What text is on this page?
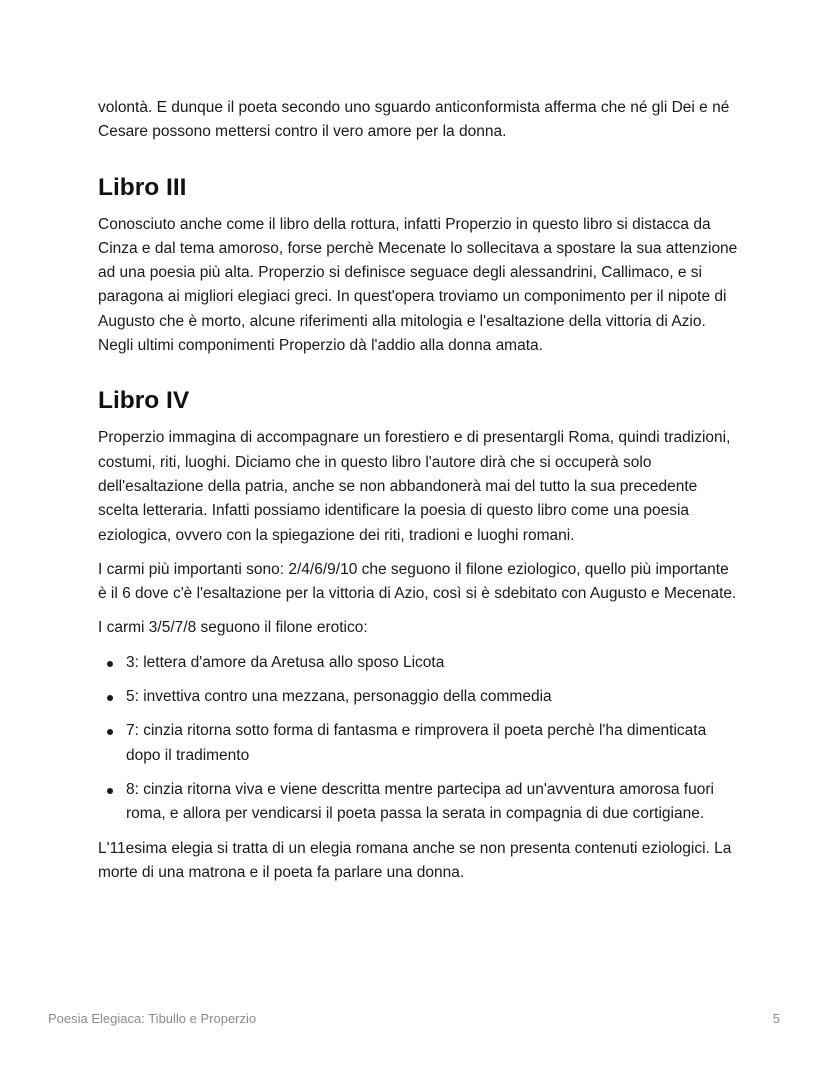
volontà. E dunque il poeta secondo uno sguardo anticonformista afferma che né gli Dei e né Cesare possono mettersi contro il vero amore per la donna.

Libro III

Conosciuto anche come il libro della rottura, infatti Properzio in questo libro si distacca da Cinza e dal tema amoroso, forse perchè Mecenate lo sollecitava a spostare la sua attenzione ad una poesia più alta. Properzio si definisce seguace degli alessandrini, Callimaco, e si paragona ai migliori elegiaci greci. In quest'opera troviamo un componimento per il nipote di Augusto che è morto, alcune riferimenti alla mitologia e l'esaltazione della vittoria di Azio. Negli ultimi componimenti Properzio dà l'addio alla donna amata.

Libro IV

Properzio immagina di accompagnare un forestiero e di presentargli Roma, quindi tradizioni, costumi, riti, luoghi. Diciamo che in questo libro l'autore dirà che si occuperà solo dell'esaltazione della patria, anche se non abbandonerà mai del tutto la sua precedente scelta letteraria. Infatti possiamo identificare la poesia di questo libro come una poesia eziologica, ovvero con la spiegazione dei riti, tradioni e luoghi romani.

I carmi più importanti sono: 2/4/6/9/10 che seguono il filone eziologico, quello più importante è il 6 dove c'è l'esaltazione per la vittoria di Azio, così si è sdebitato con Augusto e Mecenate.

I carmi 3/5/7/8 seguono il filone erotico:

3: lettera d'amore da Aretusa allo sposo Licota
5: invettiva contro una mezzana, personaggio della commedia
7: cinzia ritorna sotto forma di fantasma e rimprovera il poeta perchè l'ha dimenticata dopo il tradimento
8: cinzia ritorna viva e viene descritta mentre partecipa ad un'avventura amorosa fuori roma, e allora per vendicarsi il poeta passa la serata in compagnia di due cortigiane.

L'11esima elegia si tratta di un elegia romana anche se non presenta contenuti eziologici. La morte di una matrona e il poeta fa parlare una donna.

Poesia Elegiaca: Tibullo e Properzio	5
